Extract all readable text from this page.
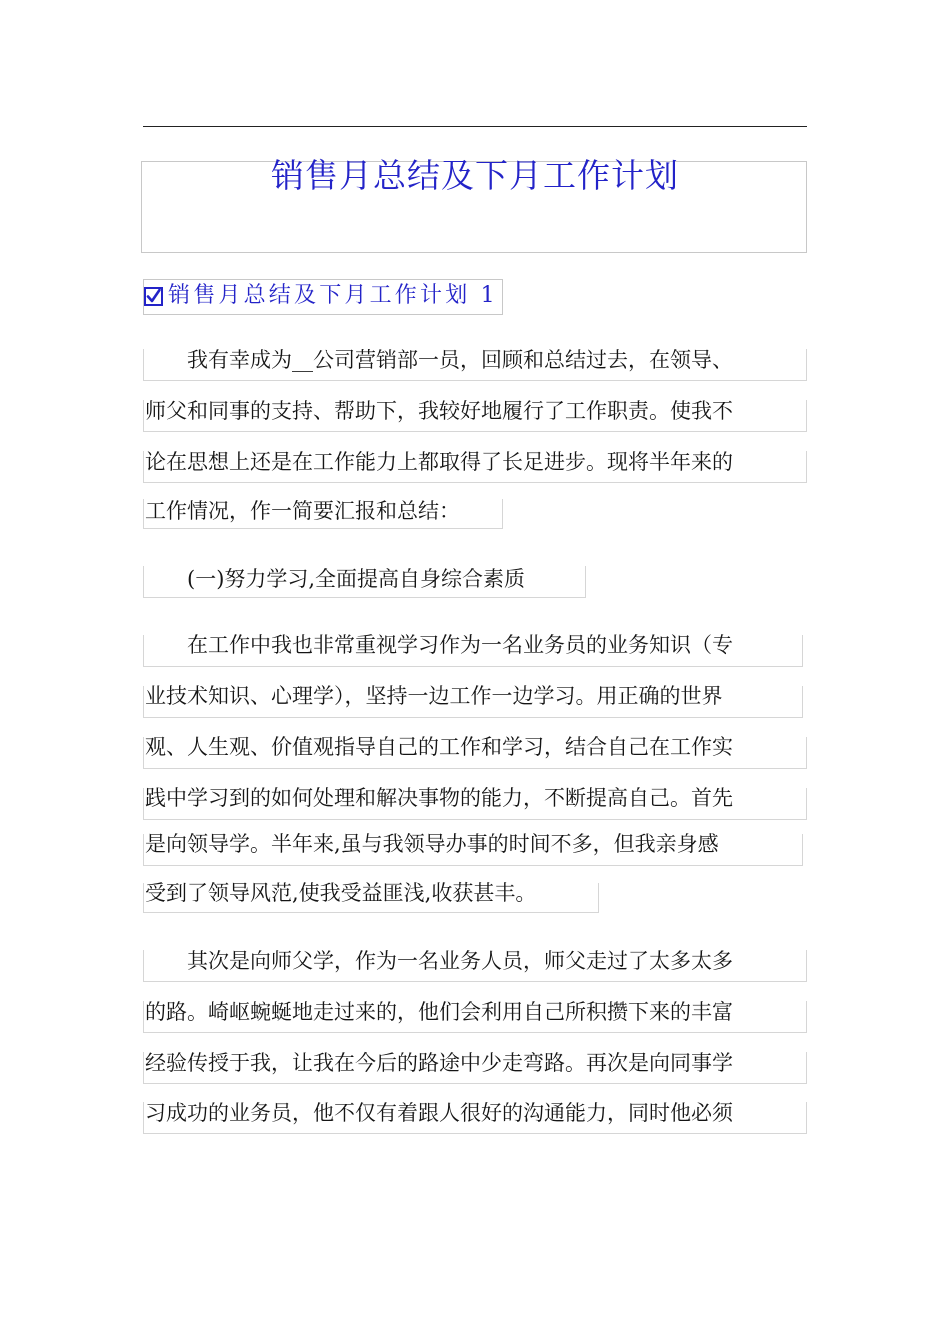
销售月总结及下月工作计划
销售月总结及下月工作计划 1
　　我有幸成为__公司营销部一员，回顾和总结过去，在领导、
师父和同事的支持、帮助下，我较好地履行了工作职责。使我不
论在思想上还是在工作能力上都取得了长足进步。现将半年来的
工作情况，作一简要汇报和总结：
　　(一)努力学习,全面提高自身综合素质
　　在工作中我也非常重视学习作为一名业务员的业务知识（专
业技术知识、心理学），坚持一边工作一边学习。用正确的世界
观、人生观、价值观指导自己的工作和学习，结合自己在工作实
践中学习到的如何处理和解决事物的能力，不断提高自己。首先
是向领导学。半年来,虽与我领导办事的时间不多，但我亲身感
受到了领导风范,使我受益匪浅,收获甚丰。
　　其次是向师父学，作为一名业务人员，师父走过了太多太多
的路。崎岖蜿蜒地走过来的，他们会利用自己所积攒下来的丰富
经验传授于我，让我在今后的路途中少走弯路。再次是向同事学
习成功的业务员，他不仅有着跟人很好的沟通能力，同时他必须
